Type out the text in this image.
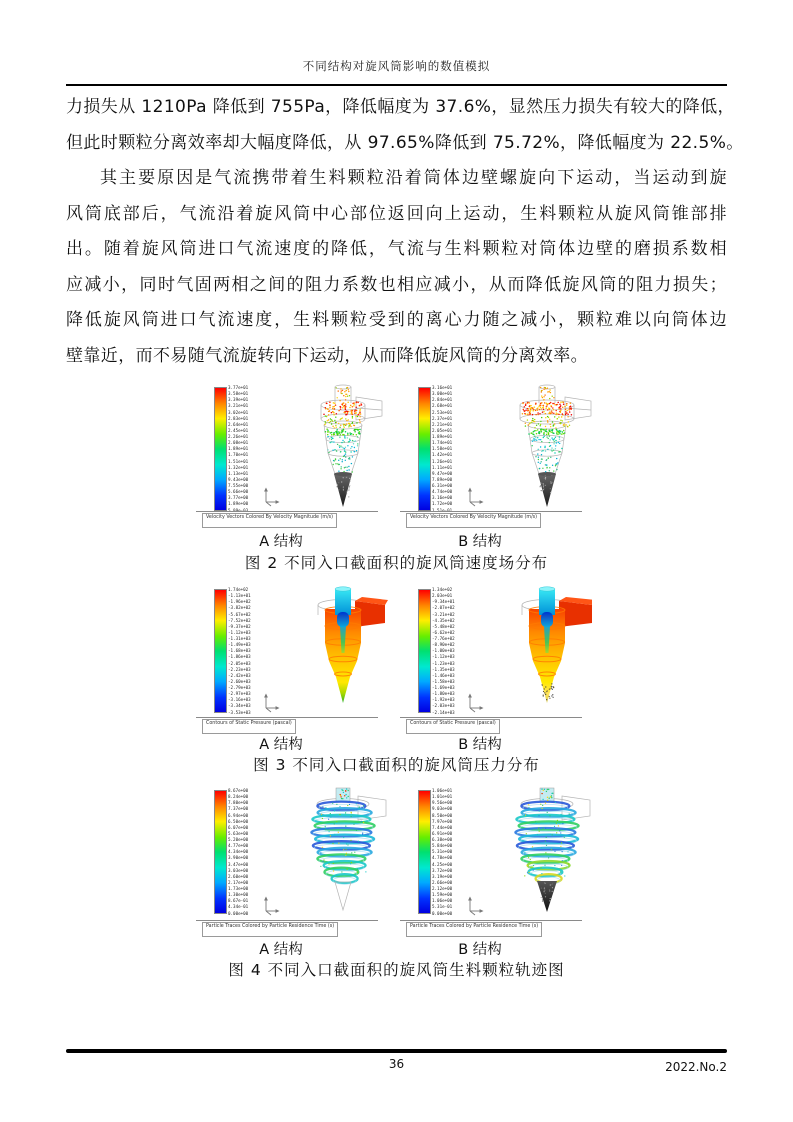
不同结构对旋风筒影响的数值模拟
力损失从 1210Pa 降低到 755Pa，降低幅度为 37.6%，显然压力损失有较大的降低，
但此时颗粒分离效率却大幅度降低，从 97.65%降低到 75.72%，降低幅度为 22.5%。
其主要原因是气流携带着生料颗粒沿着筒体边壁螺旋向下运动，当运动到旋
风筒底部后，气流沿着旋风筒中心部位返回向上运动，生料颗粒从旋风筒锥部排
出。随着旋风筒进口气流速度的降低，气流与生料颗粒对筒体边壁的磨损系数相
应减小，同时气固两相之间的阻力系数也相应减小，从而降低旋风筒的阻力损失；
降低旋风筒进口气流速度，生料颗粒受到的离心力随之减小，颗粒难以向筒体边
壁靠近，而不易随气流旋转向下运动，从而降低旋风筒的分离效率。
3.77e+01
3.58e+01
3.39e+01
3.21e+01
3.02e+01
2.83e+01
2.64e+01
2.45e+01
2.26e+01
2.08e+01
1.89e+01
1.70e+01
1.51e+01
1.32e+01
1.13e+01
9.43e+00
7.55e+00
5.66e+00
3.77e+00
1.89e+00
5.09e-03
Velocity Vectors Colored By Velocity Magnitude (m/s)
3.16e+01
3.00e+01
2.84e+01
2.68e+01
2.53e+01
2.37e+01
2.21e+01
2.05e+01
1.89e+01
1.74e+01
1.58e+01
1.42e+01
1.26e+01
1.11e+01
9.47e+00
7.89e+00
6.31e+00
4.74e+00
3.16e+00
1.72e+00
1.51e-01
Velocity Vectors Colored By Velocity Magnitude (m/s)
A 结构	B 结构
图 2 不同入口截面积的旋风筒速度场分布
1.74e+02
-1.13e+01
-1.96e+02
-3.82e+02
-5.67e+02
-7.52e+02
-9.37e+02
-1.12e+03
-1.31e+03
-1.49e+03
-1.68e+03
-1.86e+03
-2.05e+03
-2.23e+03
-2.42e+03
-2.60e+03
-2.79e+03
-2.97e+03
-3.16e+03
-3.34e+03
-3.53e+03
Contours of Static Pressure (pascal)
1.34e+02
2.03e+01
-9.34e+01
-2.07e+02
-3.21e+02
-4.35e+02
-5.48e+02
-6.62e+02
-7.76e+02
-8.90e+02
-1.00e+03
-1.12e+03
-1.23e+03
-1.35e+03
-1.46e+03
-1.58e+03
-1.69e+03
-1.80e+03
-1.92e+03
-2.03e+03
-2.14e+03
Contours of Static Pressure (pascal)
A 结构	B 结构
图 3 不同入口截面积的旋风筒压力分布
8.67e+00
8.24e+00
7.80e+00
7.37e+00
6.94e+00
6.50e+00
6.07e+00
5.63e+00
5.20e+00
4.77e+00
4.34e+00
3.90e+00
3.47e+00
3.03e+00
2.60e+00
2.17e+00
1.73e+00
1.30e+00
8.67e-01
4.34e-01
0.00e+00
Particle Traces Colored by Particle Residence Time (s)
1.06e+01
1.01e+01
9.56e+00
9.03e+00
8.50e+00
7.97e+00
7.44e+00
6.91e+00
6.38e+00
5.84e+00
5.31e+00
4.78e+00
4.25e+00
3.72e+00
3.19e+00
2.66e+00
2.12e+00
1.59e+00
1.06e+00
5.31e-01
0.00e+00
Particle Traces Colored by Particle Residence Time (s)
A 结构	B 结构
图 4 不同入口截面积的旋风筒生料颗粒轨迹图
36	2022.No.2
